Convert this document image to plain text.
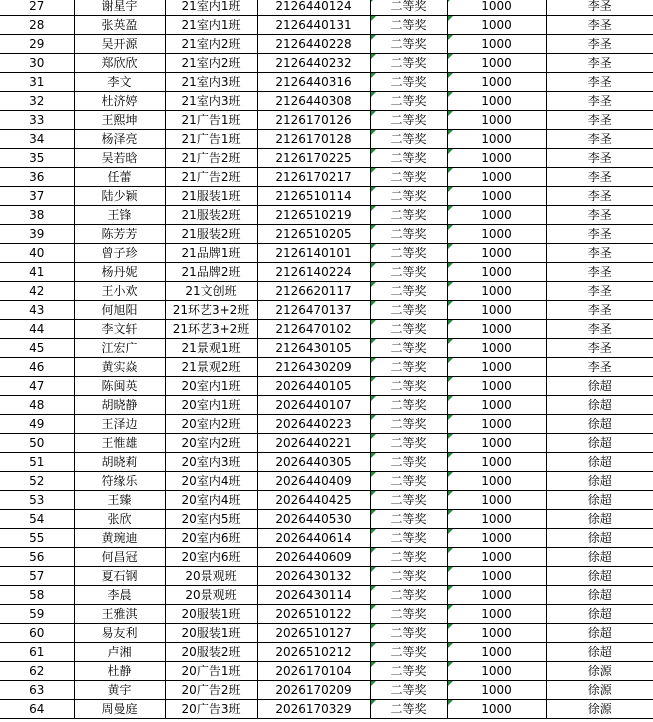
27	谢星宇	21室内1班	2126440124	二等奖	1000	李圣
28	张英盈	21室内1班	2126440131	二等奖	1000	李圣
29	吴开源	21室内2班	2126440228	二等奖	1000	李圣
30	郑欣欣	21室内2班	2126440232	二等奖	1000	李圣
31	李文	21室内3班	2126440316	二等奖	1000	李圣
32	杜济婷	21室内3班	2126440308	二等奖	1000	李圣
33	王熙坤	21广告1班	2126170126	二等奖	1000	李圣
34	杨泽亮	21广告1班	2126170128	二等奖	1000	李圣
35	吴若晗	21广告2班	2126170225	二等奖	1000	李圣
36	任蕾	21广告2班	2126170217	二等奖	1000	李圣
37	陆少颖	21服装1班	2126510114	二等奖	1000	李圣
38	王锋	21服装2班	2126510219	二等奖	1000	李圣
39	陈芳芳	21服装2班	2126510205	二等奖	1000	李圣
40	曾子珍	21品牌1班	2126140101	二等奖	1000	李圣
41	杨丹妮	21品牌2班	2126140224	二等奖	1000	李圣
42	王小欢	21文创班	2126620117	二等奖	1000	李圣
43	何旭阳	21环艺3+2班	2126470137	二等奖	1000	李圣
44	李文轩	21环艺3+2班	2126470102	二等奖	1000	李圣
45	江宏广	21景观1班	2126430105	二等奖	1000	李圣
46	黄实焱	21景观2班	2126430209	二等奖	1000	李圣
47	陈闽英	20室内1班	2026440105	二等奖	1000	徐超
48	胡晓静	20室内1班	2026440107	二等奖	1000	徐超
49	王泽边	20室内2班	2026440223	二等奖	1000	徐超
50	王惟雄	20室内2班	2026440221	二等奖	1000	徐超
51	胡晓莉	20室内3班	2026440305	二等奖	1000	徐超
52	符缘乐	20室内4班	2026440409	二等奖	1000	徐超
53	王臻	20室内4班	2026440425	二等奖	1000	徐超
54	张欣	20室内5班	2026440530	二等奖	1000	徐超
55	黄琬迪	20室内6班	2026440614	二等奖	1000	徐超
56	何昌冠	20室内6班	2026440609	二等奖	1000	徐超
57	夏石钢	20景观班	2026430132	二等奖	1000	徐超
58	李晨	20景观班	2026430114	二等奖	1000	徐超
59	王雅淇	20服装1班	2026510122	二等奖	1000	徐超
60	易友利	20服装1班	2026510127	二等奖	1000	徐超
61	卢湘	20服装2班	2026510212	二等奖	1000	徐超
62	杜静	20广告1班	2026170104	二等奖	1000	徐源
63	黄宇	20广告2班	2026170209	二等奖	1000	徐源
64	周曼庭	20广告3班	2026170329	二等奖	1000	徐源
